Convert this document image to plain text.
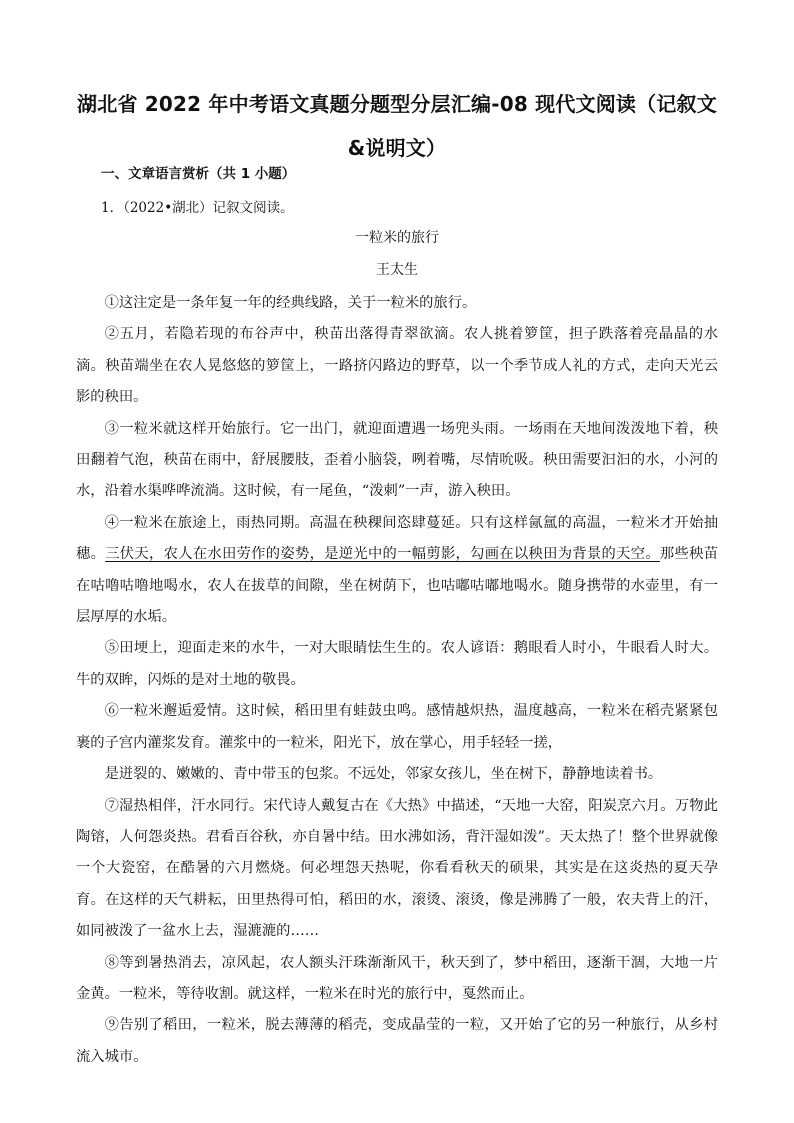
湖北省 2022 年中考语文真题分题型分层汇编-08 现代文阅读（记叙文&说明文）
一、文章语言赏析（共 1 小题）
1．（2022•湖北）记叙文阅读。
一粒米的旅行
王太生

①这注定是一条年复一年的经典线路，关于一粒米的旅行。

②五月，若隐若现的布谷声中，秧苗出落得青翠欲滴。农人挑着箩筐，担子跌落着亮晶晶的水滴。秧苗端坐在农人晃悠悠的箩筐上，一路挤闪路边的野草，以一个季节成人礼的方式，走向天光云影的秧田。

③一粒米就这样开始旅行。它一出门，就迎面遭遇一场兜头雨。一场雨在天地间泼泼地下着，秧田翻着气泡，秧苗在雨中，舒展腰肢，歪着小脑袋，咧着嘴，尽情吮吸。秧田需要汩汩的水，小河的水，沿着水渠哗哗流淌。这时候，有一尾鱼，“泼刺”一声，游入秧田。

④一粒米在旅途上，雨热同期。高温在秧稞间恣肆蔓延。只有这样氤氲的高温，一粒米才开始抽穗。三伏天，农人在水田劳作的姿势，是逆光中的一幅剪影，勾画在以秧田为背景的天空。那些秧苗在咕噜咕噜地喝水，农人在拔草的间隙，坐在树荫下，也咕嘟咕嘟地喝水。随身携带的水壶里，有一层厚厚的水垢。

⑤田埂上，迎面走来的水牛，一对大眼睛怯生生的。农人谚语：鹅眼看人时小，牛眼看人时大。牛的双眸，闪烁的是对土地的敬畏。

⑥一粒米邂逅爱情。这时候，稻田里有蛙鼓虫鸣。感情越炽热，温度越高，一粒米在稻壳紧紧包裹的子宫内灌浆发育。灌浆中的一粒米，阳光下，放在掌心，用手轻轻一搓，

是迸裂的、嫩嫩的、青中带玉的包浆。不远处，邻家女孩儿，坐在树下，静静地读着书。

⑦湿热相伴，汗水同行。宋代诗人戴复古在《大热》中描述，“天地一大窑，阳炭烹六月。万物此陶镕，人何怨炎热。君看百谷秋，亦自暑中结。田水沸如汤，背汗湿如泼”。天太热了！整个世界就像一个大瓷窑，在酷暑的六月燃烧。何必埋怨天热呢，你看看秋天的硕果，其实是在这炎热的夏天孕育。在这样的天气耕耘，田里热得可怕，稻田的水，滚烫、滚烫，像是沸腾了一般，农夫背上的汗，如同被泼了一盆水上去，湿漉漉的……

⑧等到暑热消去，凉风起，农人额头汗珠渐渐风干，秋天到了，梦中稻田，逐渐干涸，大地一片金黄。一粒米，等待收割。就这样，一粒米在时光的旅行中，戛然而止。

⑨告别了稻田，一粒米，脱去薄薄的稻壳，变成晶莹的一粒，又开始了它的另一种旅行，从乡村流入城市。
